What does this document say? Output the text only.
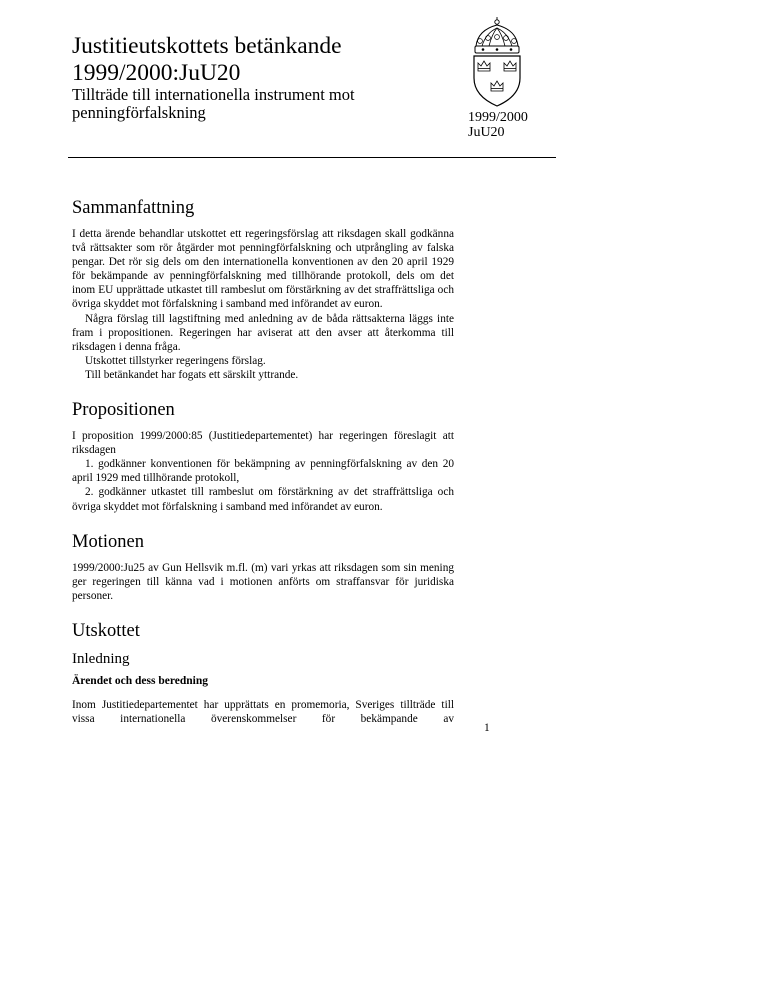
Justitieutskottets betänkande
1999/2000:JuU20
Tillträde till internationella instrument mot
penningförfalskning	1999/2000
JuU20
Sammanfattning

I detta ärende behandlar utskottet ett regeringsförslag att riksdagen skall godkänna två rättsakter som rör åtgärder mot penningförfalskning och utprångling av falska pengar. Det rör sig dels om den internationella konventionen av den 20 april 1929 för bekämpande av penningförfalskning med tillhörande protokoll, dels om det inom EU upprättade utkastet till rambeslut om förstärkning av det straffrättsliga och övriga skyddet mot förfalskning i samband med införandet av euron.

Några förslag till lagstiftning med anledning av de båda rättsakterna läggs inte fram i propositionen. Regeringen har aviserat att den avser att återkomma till riksdagen i denna fråga.

Utskottet tillstyrker regeringens förslag.

Till betänkandet har fogats ett särskilt yttrande.

Propositionen

I proposition 1999/2000:85 (Justitiedepartementet) har regeringen föreslagit att riksdagen

1. godkänner konventionen för bekämpning av penningförfalskning av den 20 april 1929 med tillhörande protokoll,

2. godkänner utkastet till rambeslut om förstärkning av det straffrättsliga och övriga skyddet mot förfalskning i samband med införandet av euron.

Motionen

1999/2000:Ju25 av Gun Hellsvik m.fl. (m) vari yrkas att riksdagen som sin mening ger regeringen till känna vad i motionen anförts om straffansvar för juridiska personer.

Utskottet
Inledning
Ärendet och dess beredning

Inom Justitiedepartementet har upprättats en promemoria, Sveriges tillträde till vissa internationella överenskommelser för bekämpande av

1
